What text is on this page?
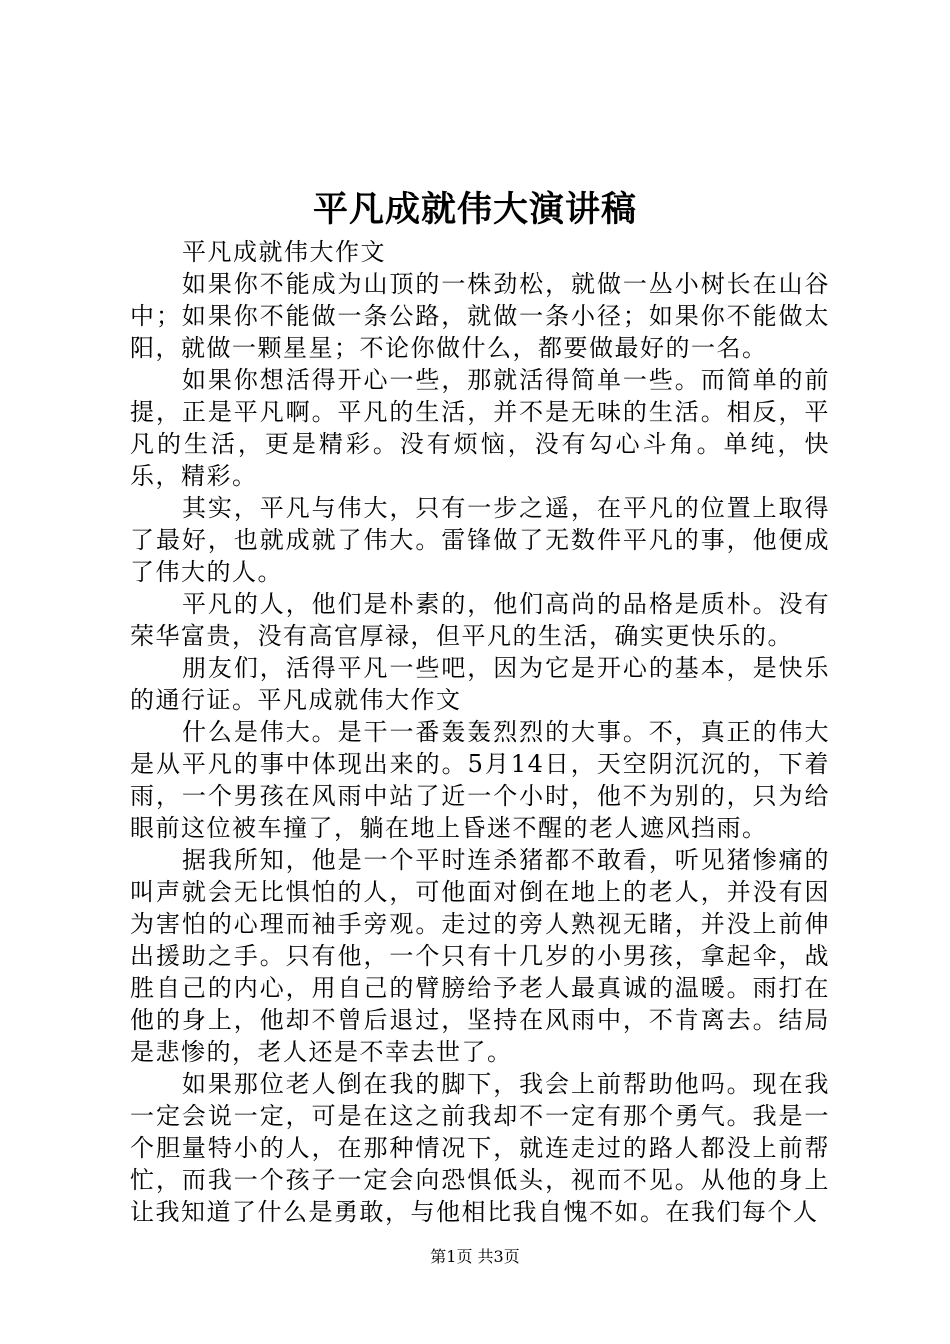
平凡成就伟大演讲稿

平凡成就伟大作文

如果你不能成为山顶的一株劲松，就做一丛小树长在山谷中；如果你不能做一条公路，就做一条小径；如果你不能做太阳，就做一颗星星；不论你做什么，都要做最好的一名。

如果你想活得开心一些，那就活得简单一些。而简单的前提，正是平凡啊。平凡的生活，并不是无味的生活。相反，平凡的生活，更是精彩。没有烦恼，没有勾心斗角。单纯，快乐，精彩。

其实，平凡与伟大，只有一步之遥，在平凡的位置上取得了最好，也就成就了伟大。雷锋做了无数件平凡的事，他便成了伟大的人。

平凡的人，他们是朴素的，他们高尚的品格是质朴。没有荣华富贵，没有高官厚禄，但平凡的生活，确实更快乐的。

朋友们，活得平凡一些吧，因为它是开心的基本，是快乐的通行证。平凡成就伟大作文

什么是伟大。是干一番轰轰烈烈的大事。不，真正的伟大是从平凡的事中体现出来的。5月14日，天空阴沉沉的，下着雨，一个男孩在风雨中站了近一个小时，他不为别的，只为给眼前这位被车撞了，躺在地上昏迷不醒的老人遮风挡雨。

据我所知，他是一个平时连杀猪都不敢看，听见猪惨痛的叫声就会无比惧怕的人，可他面对倒在地上的老人，并没有因为害怕的心理而袖手旁观。走过的旁人熟视无睹，并没上前伸出援助之手。只有他，一个只有十几岁的小男孩，拿起伞，战胜自己的内心，用自己的臂膀给予老人最真诚的温暖。雨打在他的身上，他却不曾后退过，坚持在风雨中，不肯离去。结局是悲惨的，老人还是不幸去世了。

如果那位老人倒在我的脚下，我会上前帮助他吗。现在我一定会说一定，可是在这之前我却不一定有那个勇气。我是一个胆量特小的人，在那种情况下，就连走过的路人都没上前帮忙，而我一个孩子一定会向恐惧低头，视而不见。从他的身上让我知道了什么是勇敢，与他相比我自愧不如。在我们每个人

第1页 共3页
